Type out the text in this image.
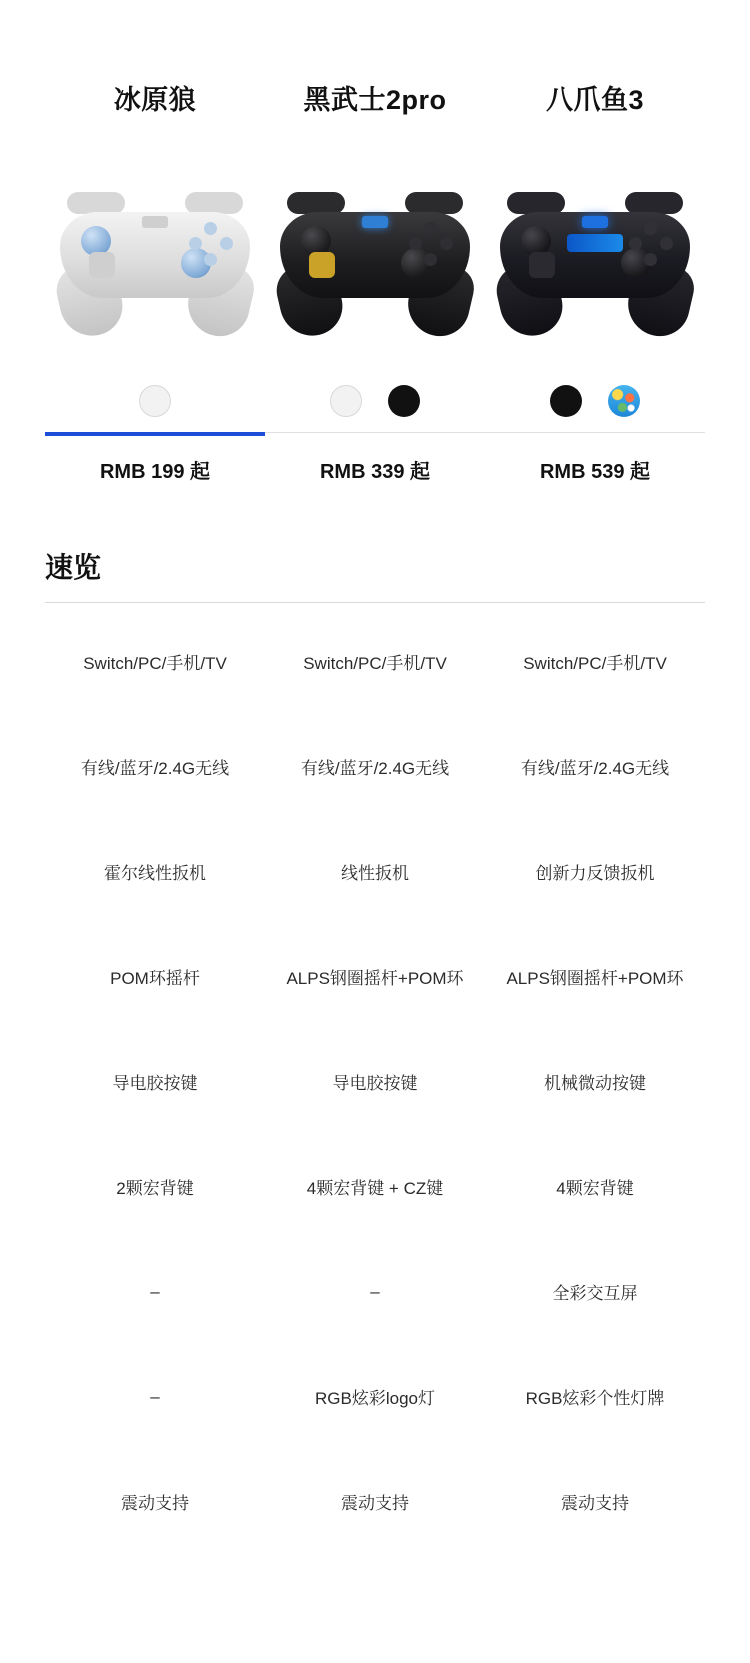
冰原狼
RMB 199 起
黑武士2pro
RMB 339 起
八爪鱼3
RMB 539 起
速览
Switch/PC/手机/TV	Switch/PC/手机/TV	Switch/PC/手机/TV
有线/蓝牙/2.4G无线	有线/蓝牙/2.4G无线	有线/蓝牙/2.4G无线
霍尔线性扳机	线性扳机	创新力反馈扳机
POM环摇杆	ALPS钢圈摇杆+POM环	ALPS钢圈摇杆+POM环
导电胶按键	导电胶按键	机械微动按键
2颗宏背键	4颗宏背键 + CZ键	4颗宏背键
–	–	全彩交互屏
–	RGB炫彩logo灯	RGB炫彩个性灯牌
震动支持	震动支持	震动支持
